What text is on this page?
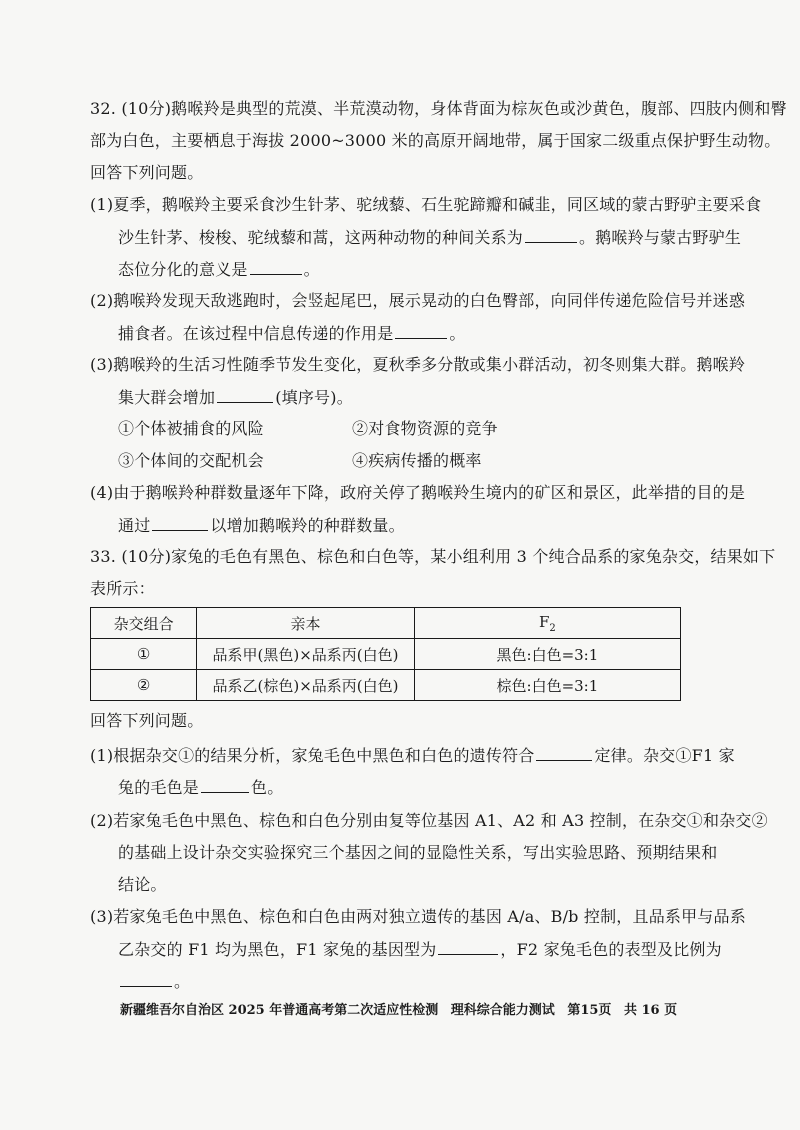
32. (10分)鹅喉羚是典型的荒漠、半荒漠动物，身体背面为棕灰色或沙黄色，腹部、四肢内侧和臀
部为白色，主要栖息于海拔 2000~3000 米的高原开阔地带，属于国家二级重点保护野生动物。
回答下列问题。
(1)夏季，鹅喉羚主要采食沙生针茅、驼绒藜、石生驼蹄瓣和碱韭，同区域的蒙古野驴主要采食
沙生针茅、梭梭、驼绒藜和蒿，这两种动物的种间关系为	。鹅喉羚与蒙古野驴生
态位分化的意义是	。
(2)鹅喉羚发现天敌逃跑时，会竖起尾巴，展示晃动的白色臀部，向同伴传递危险信号并迷惑
捕食者。在该过程中信息传递的作用是	。
(3)鹅喉羚的生活习性随季节发生变化，夏秋季多分散或集小群活动，初冬则集大群。鹅喉羚
集大群会增加	(填序号)。
①个体被捕食的风险	②对食物资源的竞争
③个体间的交配机会	④疾病传播的概率
(4)由于鹅喉羚种群数量逐年下降，政府关停了鹅喉羚生境内的矿区和景区，此举措的目的是
通过	以增加鹅喉羚的种群数量。
33. (10分)家兔的毛色有黑色、棕色和白色等，某小组利用 3 个纯合品系的家兔杂交，结果如下
表所示：
杂交组合	亲本	$F_2$
①	品系甲(黑色)×品系丙(白色)	黑色:白色=3:1
②	品系乙(棕色)×品系丙(白色)	棕色:白色=3:1
回答下列问题。
(1)根据杂交①的结果分析，家兔毛色中黑色和白色的遗传符合	定律。杂交①F1 家
兔的毛色是	色。
(2)若家兔毛色中黑色、棕色和白色分别由复等位基因 A1、A2 和 A3 控制，在杂交①和杂交②
的基础上设计杂交实验探究三个基因之间的显隐性关系，写出实验思路、预期结果和
结论。
(3)若家兔毛色中黑色、棕色和白色由两对独立遗传的基因 A/a、B/b 控制，且品系甲与品系
乙杂交的 F1 均为黑色，F1 家兔的基因型为	，F2 家兔毛色的表型及比例为
。
新疆维吾尔自治区 2025 年普通高考第二次适应性检测 理科综合能力测试 第15页 共 16 页
